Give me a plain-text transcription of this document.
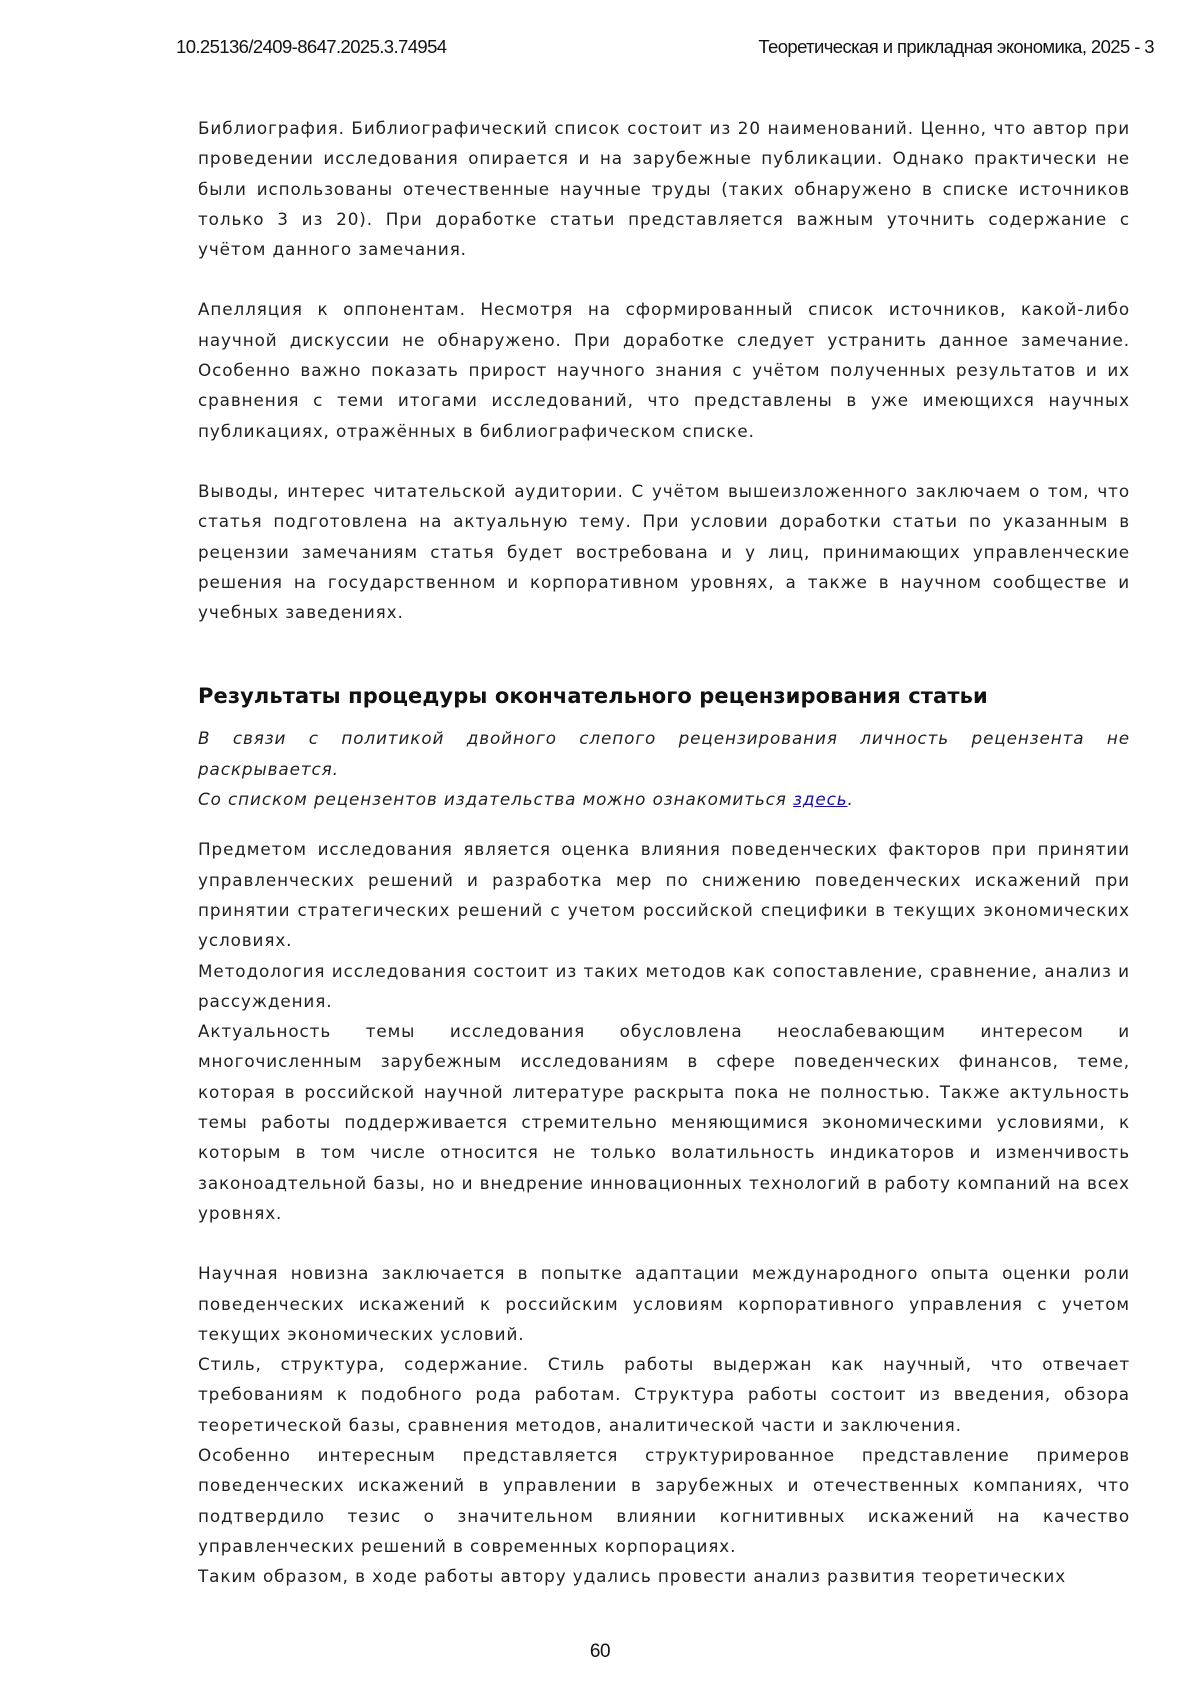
10.25136/2409-8647.2025.3.74954	Теоретическая и прикладная экономика, 2025 - 3

Библиография. Библиографический список состоит из 20 наименований. Ценно, что автор при проведении исследования опирается и на зарубежные публикации. Однако практически не были использованы отечественные научные труды (таких обнаружено в списке источников только 3 из 20). При доработке статьи представляется важным уточнить содержание с учётом данного замечания.

Апелляция к оппонентам. Несмотря на сформированный список источников, какой-либо научной дискуссии не обнаружено. При доработке следует устранить данное замечание. Особенно важно показать прирост научного знания с учётом полученных результатов и их сравнения с теми итогами исследований, что представлены в уже имеющихся научных публикациях, отражённых в библиографическом списке.

Выводы, интерес читательской аудитории. С учётом вышеизложенного заключаем о том, что статья подготовлена на актуальную тему. При условии доработки статьи по указанным в рецензии замечаниям статья будет востребована и у лиц, принимающих управленческие решения на государственном и корпоративном уровнях, а также в научном сообществе и учебных заведениях.

Результаты процедуры окончательного рецензирования статьи

В связи с политикой двойного слепого рецензирования личность рецензента не раскрывается.

Со списком рецензентов издательства можно ознакомиться здесь.

Предметом исследования является оценка влияния поведенческих факторов при принятии управленческих решений и разработка мер по снижению поведенческих искажений при принятии стратегических решений с учетом российской специфики в текущих экономических условиях.

Методология исследования состоит из таких методов как сопоставление, сравнение, анализ и рассуждения.

Актуальность темы исследования обусловлена неослабевающим интересом и многочисленным зарубежным исследованиям в сфере поведенческих финансов, теме, которая в российской научной литературе раскрыта пока не полностью. Также актульность темы работы поддерживается стремительно меняющимися экономическими условиями, к которым в том числе относится не только волатильность индикаторов и изменчивость законоадтельной базы, но и внедрение инновационных технологий в работу компаний на всех уровнях.

Научная новизна заключается в попытке адаптации международного опыта оценки роли поведенческих искажений к российским условиям корпоративного управления с учетом текущих экономических условий.

Стиль, структура, содержание. Стиль работы выдержан как научный, что отвечает требованиям к подобного рода работам. Структура работы состоит из введения, обзора теоретической базы, сравнения методов, аналитической части и заключения.

Особенно интересным представляется структурированное представление примеров поведенческих искажений в управлении в зарубежных и отечественных компаниях, что подтвердило тезис о значительном влиянии когнитивных искажений на качество управленческих решений в современных корпорациях.

Таким образом, в ходе работы автору удались провести анализ развития теоретических

60
